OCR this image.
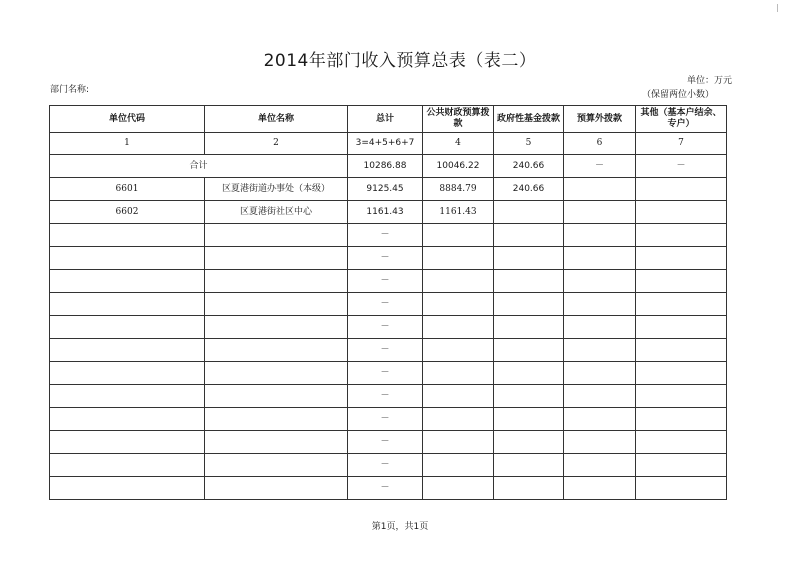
2014年部门收入预算总表（表二）
部门名称:
单位：万元
（保留两位小数）
单位代码	单位名称	总计	公共财政预算拨款	政府性基金拨款	预算外拨款	其他（基本户结余、专户）
1	2	3=4+5+6+7	4	5	6	7
合计		10286.88	10046.22	240.66	－	－
6601	区夏港街道办事处（本级）	9125.45	8884.79	240.66		
6602	区夏港街社区中心	1161.43	1161.43			
		－				
		－				
		－				
		－				
		－				
		－				
		－				
		－				
		－				
		－				
		－				
		－				
第1页，共1页
